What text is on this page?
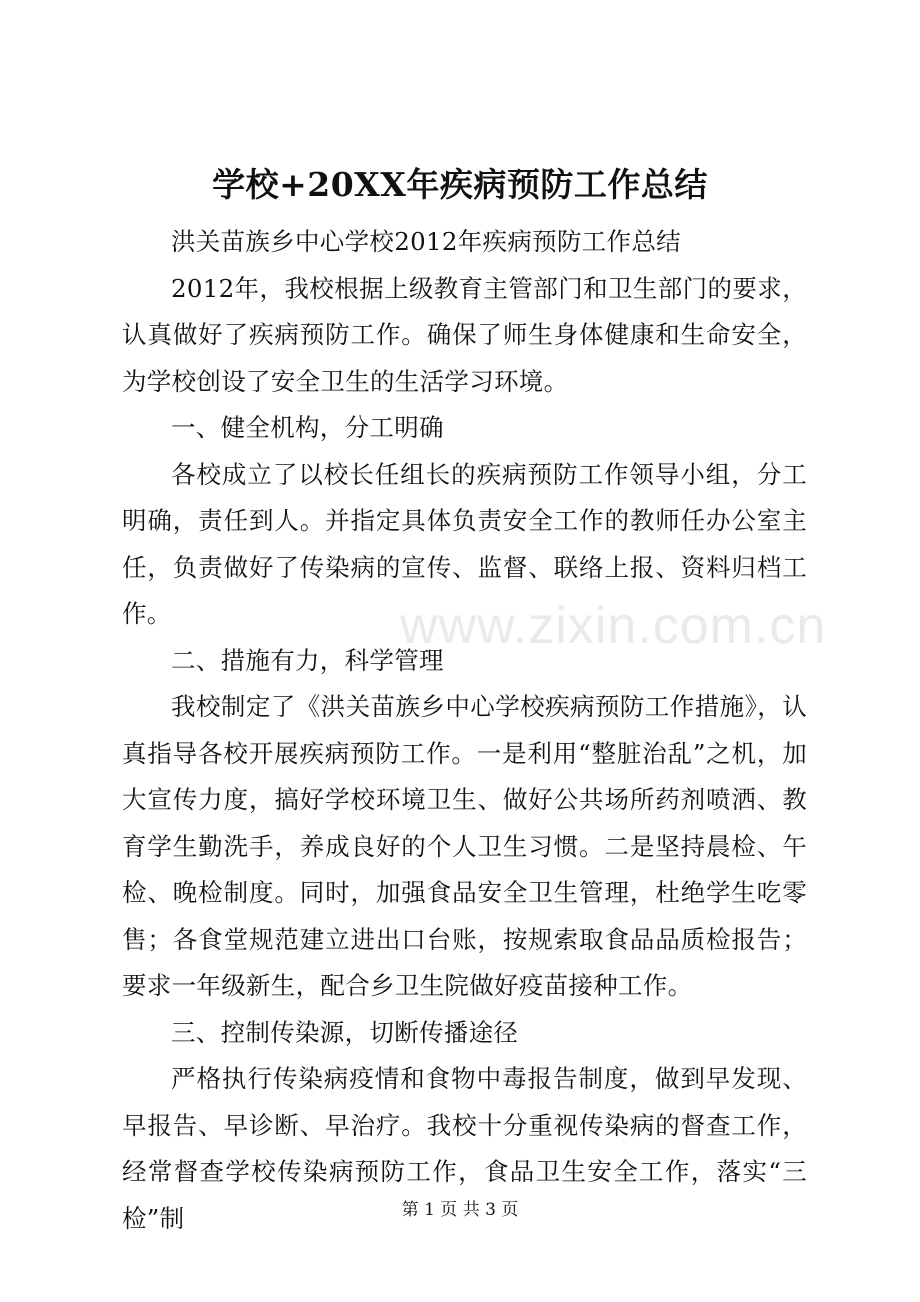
学校+20XX年疾病预防工作总结

洪关苗族乡中心学校2012年疾病预防工作总结

2012年，我校根据上级教育主管部门和卫生部门的要求，认真做好了疾病预防工作。确保了师生身体健康和生命安全，为学校创设了安全卫生的生活学习环境。

一、健全机构，分工明确

各校成立了以校长任组长的疾病预防工作领导小组，分工明确，责任到人。并指定具体负责安全工作的教师任办公室主任，负责做好了传染病的宣传、监督、联络上报、资料归档工作。

二、措施有力，科学管理

我校制定了《洪关苗族乡中心学校疾病预防工作措施》，认真指导各校开展疾病预防工作。一是利用“整脏治乱”之机，加大宣传力度，搞好学校环境卫生、做好公共场所药剂喷洒、教育学生勤洗手，养成良好的个人卫生习惯。二是坚持晨检、午检、晚检制度。同时，加强食品安全卫生管理，杜绝学生吃零售；各食堂规范建立进出口台账，按规索取食品品质检报告；要求一年级新生，配合乡卫生院做好疫苗接种工作。

三、控制传染源，切断传播途径

严格执行传染病疫情和食物中毒报告制度，做到早发现、早报告、早诊断、早治疗。我校十分重视传染病的督查工作，经常督查学校传染病预防工作，食品卫生安全工作，落实“三检”制

www.zixin.com.cn
第 1 页 共 3 页
